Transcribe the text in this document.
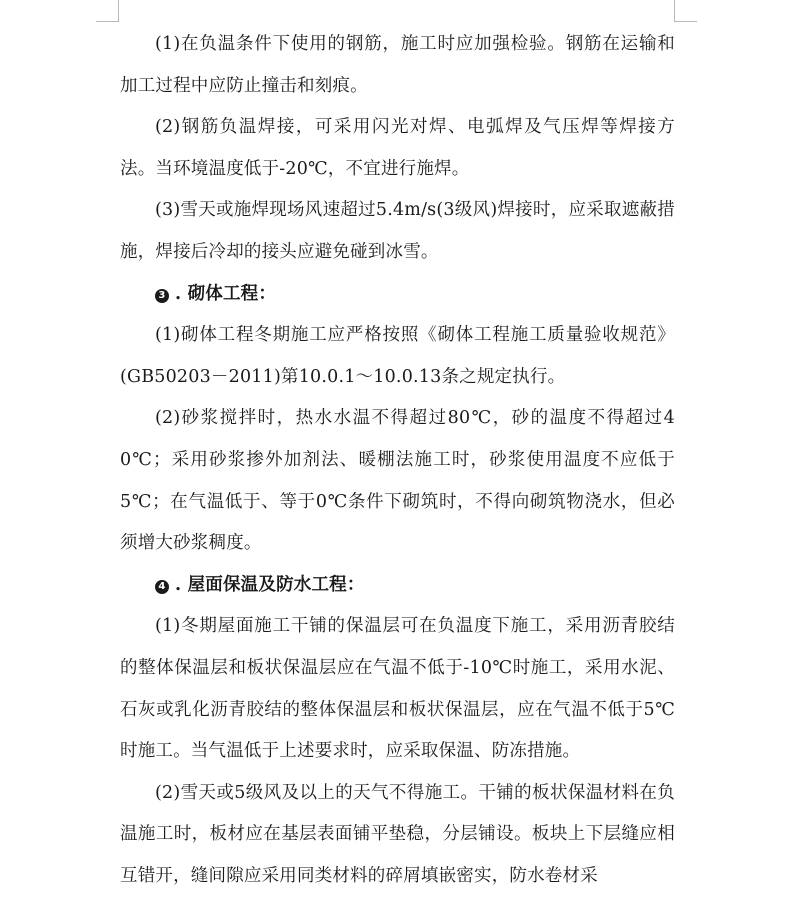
(1)在负温条件下使用的钢筋，施工时应加强检验。钢筋在运输和加工过程中应防止撞击和刻痕。

(2)钢筋负温焊接，可采用闪光对焊、电弧焊及气压焊等焊接方法。当环境温度低于-20℃，不宜进行施焊。

(3)雪天或施焊现场风速超过5.4m/s(3级风)焊接时，应采取遮蔽措施，焊接后冷却的接头应避免碰到冰雪。

3 . 砌体工程：

(1)砌体工程冬期施工应严格按照《砌体工程施工质量验收规范》(GB50203－2011)第10.0.1～10.0.13条之规定执行。

(2)砂浆搅拌时，热水水温不得超过80℃，砂的温度不得超过40℃；采用砂浆掺外加剂法、暖棚法施工时，砂浆使用温度不应低于5℃；在气温低于、等于0℃条件下砌筑时，不得向砌筑物浇水，但必须增大砂浆稠度。

4 . 屋面保温及防水工程：

(1)冬期屋面施工干铺的保温层可在负温度下施工，采用沥青胶结的整体保温层和板状保温层应在气温不低于-10℃时施工，采用水泥、石灰或乳化沥青胶结的整体保温层和板状保温层，应在气温不低于5℃时施工。当气温低于上述要求时，应采取保温、防冻措施。

(2)雪天或5级风及以上的天气不得施工。干铺的板状保温材料在负温施工时，板材应在基层表面铺平垫稳，分层铺设。板块上下层缝应相互错开，缝间隙应采用同类材料的碎屑填嵌密实，防水卷材采
